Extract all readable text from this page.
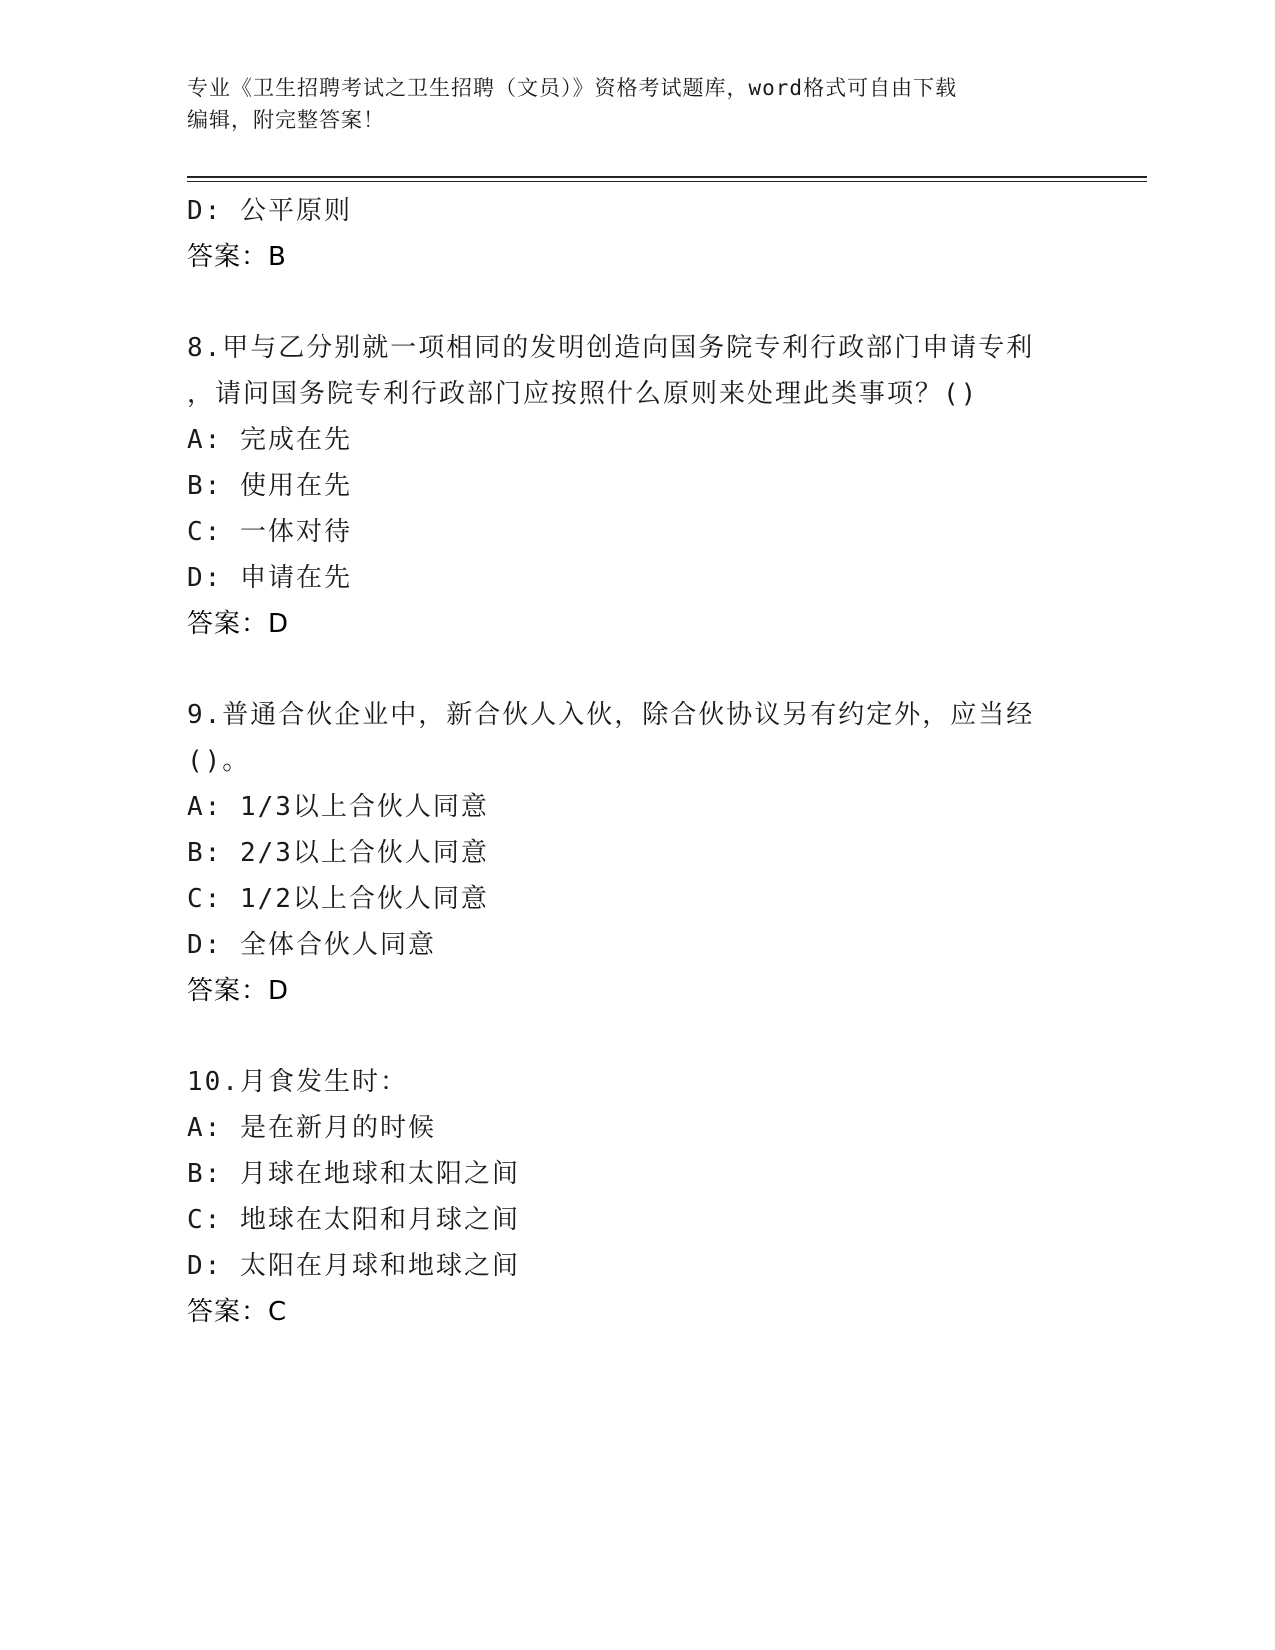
专业《卫生招聘考试之卫生招聘（文员）》资格考试题库，word格式可自由下载
编辑，附完整答案！
D: 公平原则
答案：B
8.甲与乙分别就一项相同的发明创造向国务院专利行政部门申请专利
，请问国务院专利行政部门应按照什么原则来处理此类事项？()
A: 完成在先
B: 使用在先
C: 一体对待
D: 申请在先
答案：D
9.普通合伙企业中，新合伙人入伙，除合伙协议另有约定外，应当经
()。
A: 1/3以上合伙人同意
B: 2/3以上合伙人同意
C: 1/2以上合伙人同意
D: 全体合伙人同意
答案：D
10.月食发生时：
A: 是在新月的时候
B: 月球在地球和太阳之间
C: 地球在太阳和月球之间
D: 太阳在月球和地球之间
答案：C
